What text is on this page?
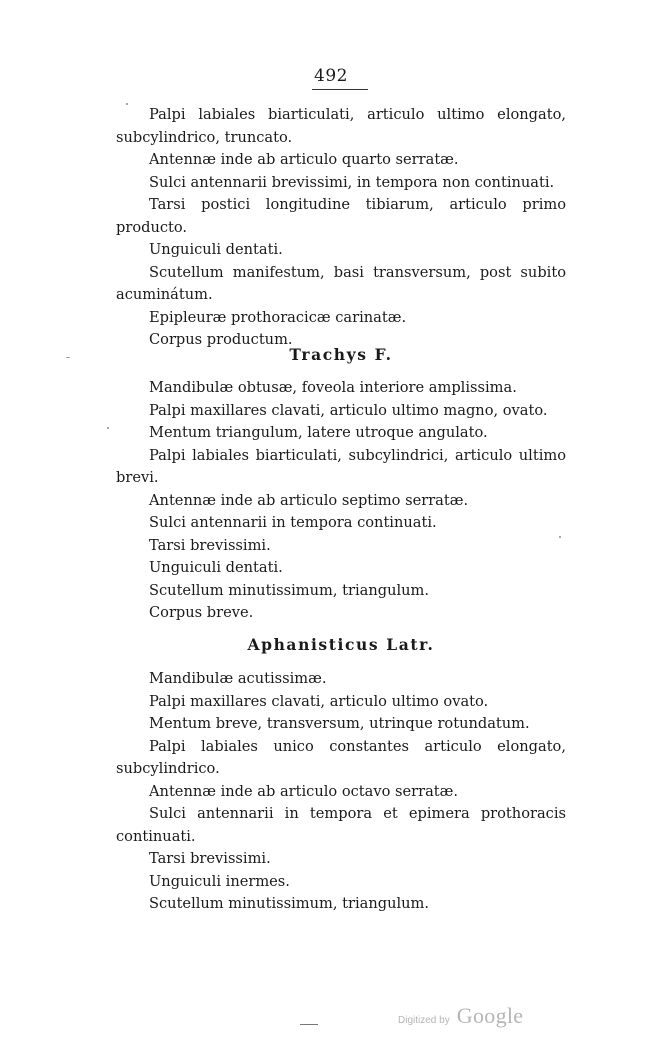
492

Palpi labiales biarticulati, articulo ultimo elongato, subcylindrico, truncato.

Antennæ inde ab articulo quarto serratæ.

Sulci antennarii brevissimi, in tempora non continuati.

Tarsi postici longitudine tibiarum, articulo primo producto.

Unguiculi dentati.

Scutellum manifestum, basi transversum, post subito acuminátum.

Epipleuræ prothoracicæ carinatæ.

Corpus productum.

Trachys F.

Mandibulæ obtusæ, foveola interiore amplissima.

Palpi maxillares clavati, articulo ultimo magno, ovato.

Mentum triangulum, latere utroque angulato.

Palpi labiales biarticulati, subcylindrici, articulo ultimo brevi.

Antennæ inde ab articulo septimo serratæ.

Sulci antennarii in tempora continuati.

Tarsi brevissimi.

Unguiculi dentati.

Scutellum minutissimum, triangulum.

Corpus breve.

Aphanisticus Latr.

Mandibulæ acutissimæ.

Palpi maxillares clavati, articulo ultimo ovato.

Mentum breve, transversum, utrinque rotundatum.

Palpi labiales unico constantes articulo elongato, subcylindrico.

Antennæ inde ab articulo octavo serratæ.

Sulci antennarii in tempora et epimera prothoracis continuati.

Tarsi brevissimi.

Unguiculi inermes.

Scutellum minutissimum, triangulum.

Digitized by Google
